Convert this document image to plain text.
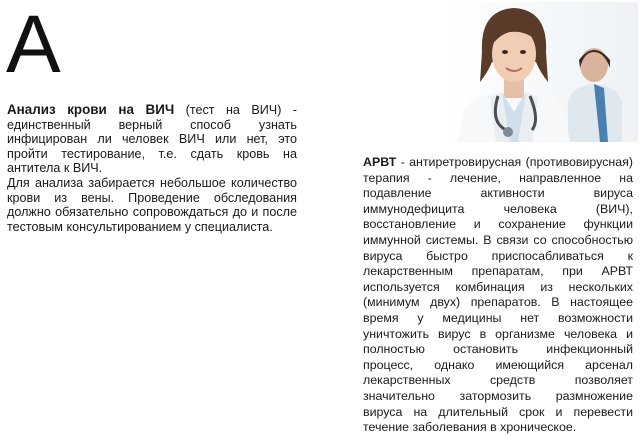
А

Анализ крови на ВИЧ (тест на ВИЧ) - единственный верный способ узнать инфицирован ли человек ВИЧ или нет, это пройти тестирование, т.е. сдать кровь на антитела к ВИЧ.

Для анализа забирается небольшое количество крови из вены. Проведение обследования должно обязательно сопровождаться до и после тестовым консультированием у специалиста.

АРВТ - антиретровирусная (противовирусная) терапия - лечение, направленное на подавление активности вируса иммунодефицита человека (ВИЧ), восстановление и сохранение функции иммунной системы. В связи со способностью вируса быстро приспосабливаться к лекарственным препаратам, при АРВТ используется комбинация из нескольких (минимум двух) препаратов. В настоящее время у медицины нет возможности уничтожить вирус в организме человека и полностью остановить инфекционный процесс, однако имеющийся арсенал лекарственных средств позволяет значительно затормозить размножение вируса на длительный срок и перевести течение заболевания в хроническое.
